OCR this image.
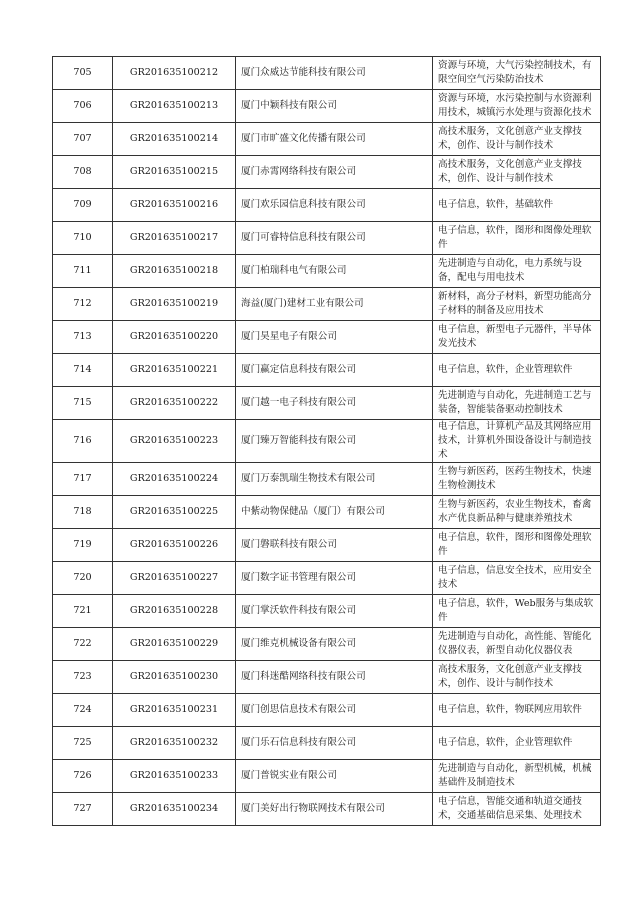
705	GR201635100212	厦门众威达节能科技有限公司	资源与环境，大气污染控制技术，有限空间空气污染防治技术
706	GR201635100213	厦门中颖科技有限公司	资源与环境，水污染控制与水资源利用技术，城镇污水处理与资源化技术
707	GR201635100214	厦门市旷盛文化传播有限公司	高技术服务，文化创意产业支撑技术，创作、设计与制作技术
708	GR201635100215	厦门赤霄网络科技有限公司	高技术服务，文化创意产业支撑技术，创作、设计与制作技术
709	GR201635100216	厦门欢乐园信息科技有限公司	电子信息，软件，基础软件
710	GR201635100217	厦门可睿特信息科技有限公司	电子信息，软件，图形和图像处理软件
711	GR201635100218	厦门柏瑞科电气有限公司	先进制造与自动化，电力系统与设备，配电与用电技术
712	GR201635100219	海益(厦门)建材工业有限公司	新材料，高分子材料，新型功能高分子材料的制备及应用技术
713	GR201635100220	厦门昊星电子有限公司	电子信息，新型电子元器件，半导体发光技术
714	GR201635100221	厦门赢定信息科技有限公司	电子信息，软件，企业管理软件
715	GR201635100222	厦门越一电子科技有限公司	先进制造与自动化，先进制造工艺与装备，智能装备驱动控制技术
716	GR201635100223	厦门臻万智能科技有限公司	电子信息，计算机产品及其网络应用技术，计算机外围设备设计与制造技术
717	GR201635100224	厦门万泰凯瑞生物技术有限公司	生物与新医药，医药生物技术，快速生物检测技术
718	GR201635100225	中紫动物保健品（厦门）有限公司	生物与新医药，农业生物技术，畜禽水产优良新品种与健康养殖技术
719	GR201635100226	厦门磐联科技有限公司	电子信息，软件，图形和图像处理软件
720	GR201635100227	厦门数字证书管理有限公司	电子信息，信息安全技术，应用安全技术
721	GR201635100228	厦门掌沃软件科技有限公司	电子信息，软件，Web服务与集成软件
722	GR201635100229	厦门维克机械设备有限公司	先进制造与自动化，高性能、智能化仪器仪表，新型自动化仪器仪表
723	GR201635100230	厦门科迷酷网络科技有限公司	高技术服务，文化创意产业支撑技术，创作、设计与制作技术
724	GR201635100231	厦门创思信息技术有限公司	电子信息，软件，物联网应用软件
725	GR201635100232	厦门乐石信息科技有限公司	电子信息，软件，企业管理软件
726	GR201635100233	厦门普锐实业有限公司	先进制造与自动化，新型机械，机械基础件及制造技术
727	GR201635100234	厦门美好出行物联网技术有限公司	电子信息，智能交通和轨道交通技术，交通基础信息采集、处理技术
